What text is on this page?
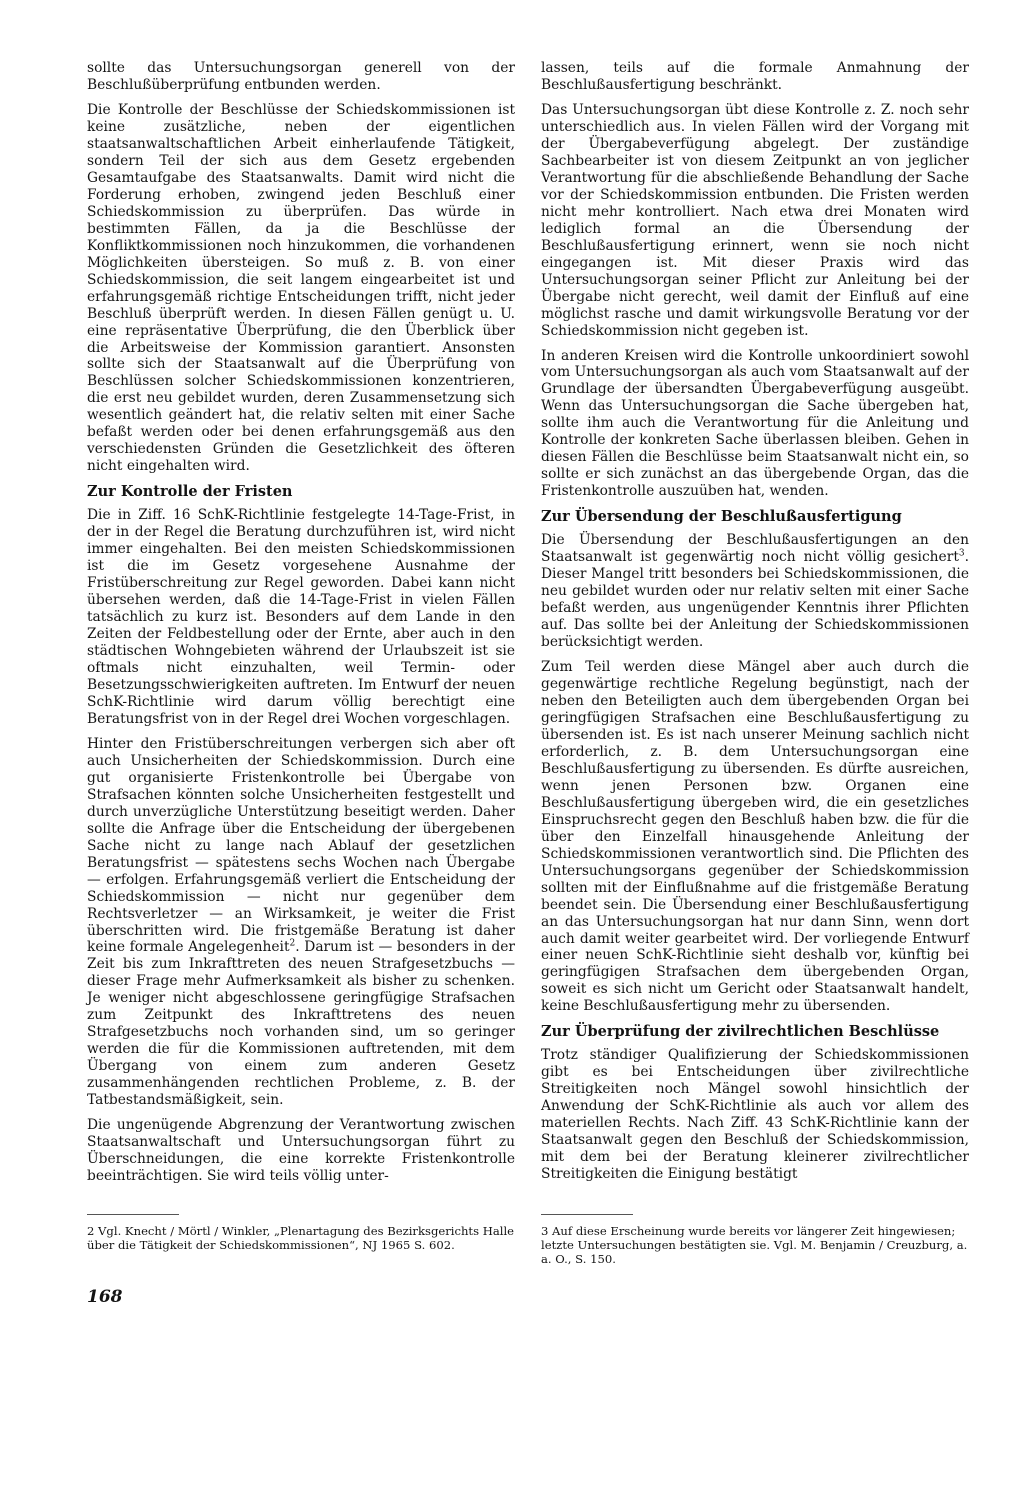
sollte das Untersuchungsorgan generell von der Beschlußüberprüfung entbunden werden.

Die Kontrolle der Beschlüsse der Schiedskommissionen ist keine zusätzliche, neben der eigentlichen staatsanwaltschaftlichen Arbeit einherlaufende Tätigkeit, sondern Teil der sich aus dem Gesetz ergebenden Gesamtaufgabe des Staatsanwalts. Damit wird nicht die Forderung erhoben, zwingend jeden Beschluß einer Schiedskommission zu überprüfen. Das würde in bestimmten Fällen, da ja die Beschlüsse der Konfliktkommissionen noch hinzukommen, die vorhandenen Möglichkeiten übersteigen. So muß z. B. von einer Schiedskommission, die seit langem eingearbeitet ist und erfahrungsgemäß richtige Entscheidungen trifft, nicht jeder Beschluß überprüft werden. In diesen Fällen genügt u. U. eine repräsentative Überprüfung, die den Überblick über die Arbeitsweise der Kommission garantiert. Ansonsten sollte sich der Staatsanwalt auf die Überprüfung von Beschlüssen solcher Schiedskommissionen konzentrieren, die erst neu gebildet wurden, deren Zusammensetzung sich wesentlich geändert hat, die relativ selten mit einer Sache befaßt werden oder bei denen erfahrungsgemäß aus den verschiedensten Gründen die Gesetzlichkeit des öfteren nicht eingehalten wird.

Zur Kontrolle der Fristen

Die in Ziff. 16 SchK-Richtlinie festgelegte 14-Tage-Frist, in der in der Regel die Beratung durchzuführen ist, wird nicht immer eingehalten. Bei den meisten Schiedskommissionen ist die im Gesetz vorgesehene Ausnahme der Fristüberschreitung zur Regel geworden. Dabei kann nicht übersehen werden, daß die 14-Tage-Frist in vielen Fällen tatsächlich zu kurz ist. Besonders auf dem Lande in den Zeiten der Feldbestellung oder der Ernte, aber auch in den städtischen Wohngebieten während der Urlaubszeit ist sie oftmals nicht einzuhalten, weil Termin- oder Besetzungsschwierigkeiten auftreten. Im Entwurf der neuen SchK-Richtlinie wird darum völlig berechtigt eine Beratungsfrist von in der Regel drei Wochen vorgeschlagen.

Hinter den Fristüberschreitungen verbergen sich aber oft auch Unsicherheiten der Schiedskommission. Durch eine gut organisierte Fristenkontrolle bei Übergabe von Strafsachen könnten solche Unsicherheiten festgestellt und durch unverzügliche Unterstützung beseitigt werden. Daher sollte die Anfrage über die Entscheidung der übergebenen Sache nicht zu lange nach Ablauf der gesetzlichen Beratungsfrist — spätestens sechs Wochen nach Übergabe — erfolgen. Erfahrungsgemäß verliert die Entscheidung der Schiedskommission — nicht nur gegenüber dem Rechtsverletzer — an Wirksamkeit, je weiter die Frist überschritten wird. Die fristgemäße Beratung ist daher keine formale Angelegenheit$^2$. Darum ist — besonders in der Zeit bis zum Inkrafttreten des neuen Strafgesetzbuchs — dieser Frage mehr Aufmerksamkeit als bisher zu schenken. Je weniger nicht abgeschlossene geringfügige Strafsachen zum Zeitpunkt des Inkrafttretens des neuen Strafgesetzbuchs noch vorhanden sind, um so geringer werden die für die Kommissionen auftretenden, mit dem Übergang von einem zum anderen Gesetz zusammenhängenden rechtlichen Probleme, z. B. der Tatbestandsmäßigkeit, sein.

Die ungenügende Abgrenzung der Verantwortung zwischen Staatsanwaltschaft und Untersuchungsorgan führt zu Überschneidungen, die eine korrekte Fristenkontrolle beeinträchtigen. Sie wird teils völlig unter-

lassen, teils auf die formale Anmahnung der Beschlußausfertigung beschränkt.

Das Untersuchungsorgan übt diese Kontrolle z. Z. noch sehr unterschiedlich aus. In vielen Fällen wird der Vorgang mit der Übergabeverfügung abgelegt. Der zuständige Sachbearbeiter ist von diesem Zeitpunkt an von jeglicher Verantwortung für die abschließende Behandlung der Sache vor der Schiedskommission entbunden. Die Fristen werden nicht mehr kontrolliert. Nach etwa drei Monaten wird lediglich formal an die Übersendung der Beschlußausfertigung erinnert, wenn sie noch nicht eingegangen ist. Mit dieser Praxis wird das Untersuchungsorgan seiner Pflicht zur Anleitung bei der Übergabe nicht gerecht, weil damit der Einfluß auf eine möglichst rasche und damit wirkungsvolle Beratung vor der Schiedskommission nicht gegeben ist.

In anderen Kreisen wird die Kontrolle unkoordiniert sowohl vom Untersuchungsorgan als auch vom Staatsanwalt auf der Grundlage der übersandten Übergabeverfügung ausgeübt. Wenn das Untersuchungsorgan die Sache übergeben hat, sollte ihm auch die Verantwortung für die Anleitung und Kontrolle der konkreten Sache überlassen bleiben. Gehen in diesen Fällen die Beschlüsse beim Staatsanwalt nicht ein, so sollte er sich zunächst an das übergebende Organ, das die Fristenkontrolle auszuüben hat, wenden.

Zur Übersendung der Beschlußausfertigung

Die Übersendung der Beschlußausfertigungen an den Staatsanwalt ist gegenwärtig noch nicht völlig gesichert$^3$. Dieser Mangel tritt besonders bei Schiedskommissionen, die neu gebildet wurden oder nur relativ selten mit einer Sache befaßt werden, aus ungenügender Kenntnis ihrer Pflichten auf. Das sollte bei der Anleitung der Schiedskommissionen berücksichtigt werden.

Zum Teil werden diese Mängel aber auch durch die gegenwärtige rechtliche Regelung begünstigt, nach der neben den Beteiligten auch dem übergebenden Organ bei geringfügigen Strafsachen eine Beschlußausfertigung zu übersenden ist. Es ist nach unserer Meinung sachlich nicht erforderlich, z. B. dem Untersuchungsorgan eine Beschlußausfertigung zu übersenden. Es dürfte ausreichen, wenn jenen Personen bzw. Organen eine Beschlußausfertigung übergeben wird, die ein gesetzliches Einspruchsrecht gegen den Beschluß haben bzw. die für die über den Einzelfall hinausgehende Anleitung der Schiedskommissionen verantwortlich sind. Die Pflichten des Untersuchungsorgans gegenüber der Schiedskommission sollten mit der Einflußnahme auf die fristgemäße Beratung beendet sein. Die Übersendung einer Beschlußausfertigung an das Untersuchungsorgan hat nur dann Sinn, wenn dort auch damit weiter gearbeitet wird. Der vorliegende Entwurf einer neuen SchK-Richtlinie sieht deshalb vor, künftig bei geringfügigen Strafsachen dem übergebenden Organ, soweit es sich nicht um Gericht oder Staatsanwalt handelt, keine Beschlußausfertigung mehr zu übersenden.

Zur Überprüfung der zivilrechtlichen Beschlüsse

Trotz ständiger Qualifizierung der Schiedskommissionen gibt es bei Entscheidungen über zivilrechtliche Streitigkeiten noch Mängel sowohl hinsichtlich der Anwendung der SchK-Richtlinie als auch vor allem des materiellen Rechts. Nach Ziff. 43 SchK-Richtlinie kann der Staatsanwalt gegen den Beschluß der Schiedskommission, mit dem bei der Beratung kleinerer zivilrechtlicher Streitigkeiten die Einigung bestätigt

2 Vgl. Knecht / Mörtl / Winkler, „Plenartagung des Bezirksgerichts Halle über die Tätigkeit der Schiedskommissionen“, NJ 1965 S. 602.
3 Auf diese Erscheinung wurde bereits vor längerer Zeit hingewiesen; letzte Untersuchungen bestätigten sie. Vgl. M. Benjamin / Creuzburg, a. a. O., S. 150.
168
